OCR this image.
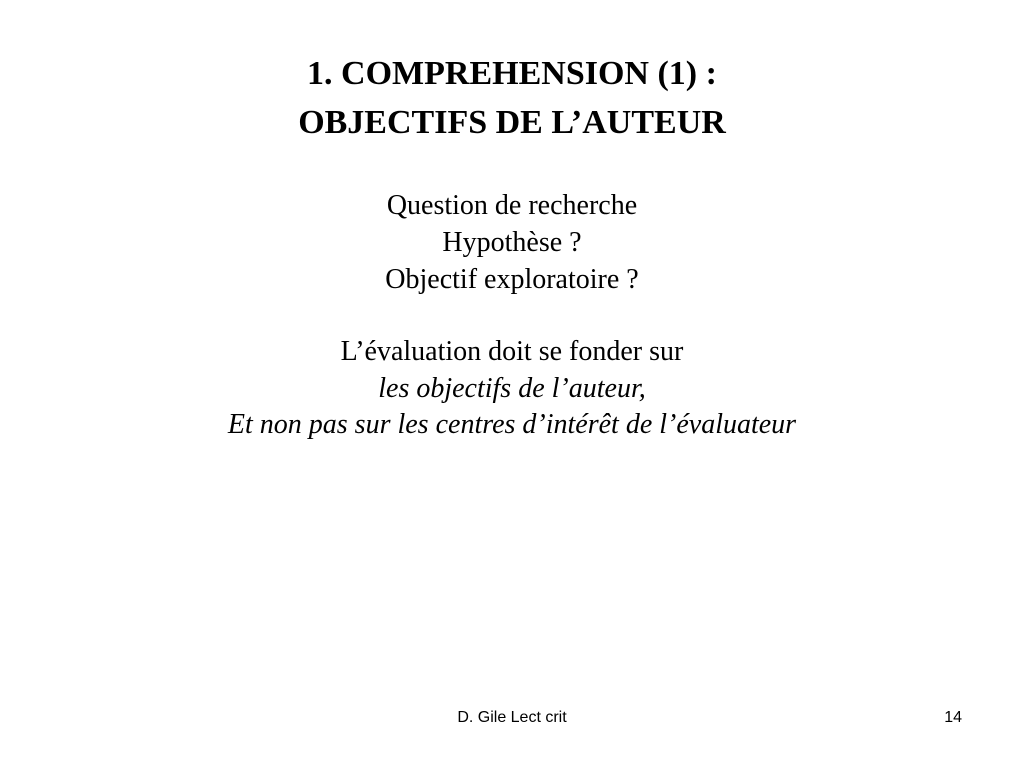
1. COMPREHENSION (1) :
OBJECTIFS DE L’AUTEUR
Question de recherche
Hypothèse ?
Objectif exploratoire ?
L’évaluation doit se fonder sur
les objectifs de l’auteur,
Et non pas sur les centres d’intérêt de l’évaluateur
D. Gile Lect crit	14
